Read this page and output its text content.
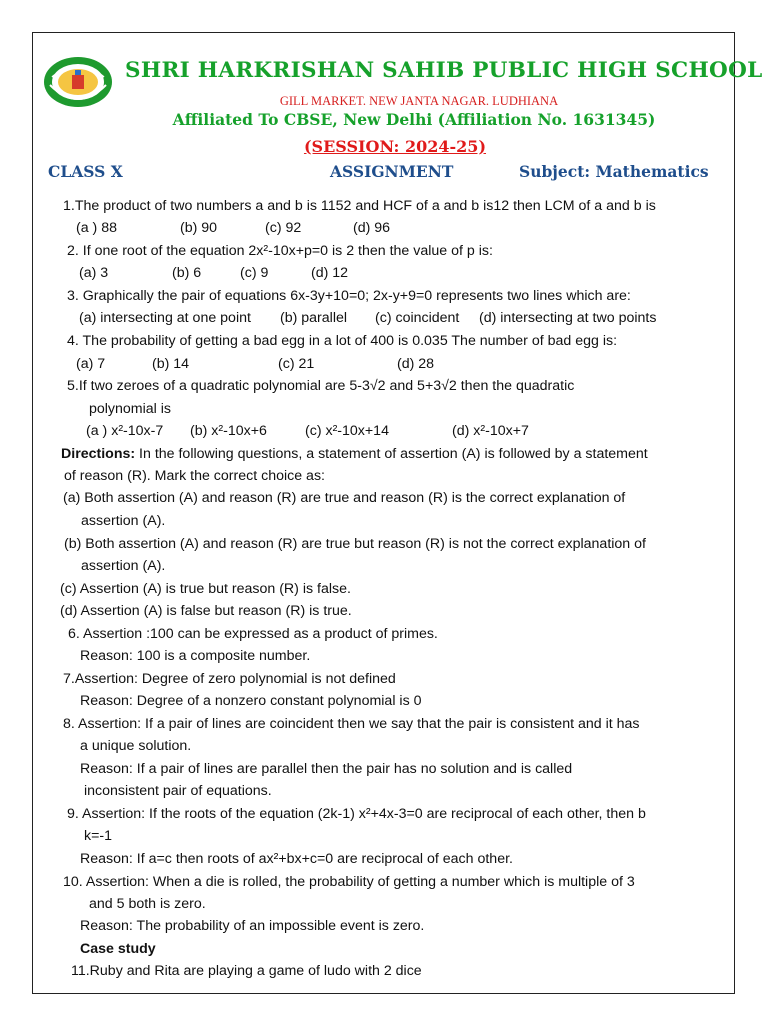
SHRI HARKRISHAN SAHIB PUBLIC HIGH SCHOOL
GILL MARKET. NEW JANTA NAGAR. LUDHIANA
Affiliated To CBSE, New Delhi (Affiliation No. 1631345)
(SESSION: 2024-25)
CLASS X	ASSIGNMENT	Subject: Mathematics
1.The product of two numbers a and b is 1152 and HCF of a and b is12 then LCM of a and b is
(a ) 88	(b) 90	(c) 92	(d) 96
2. If one root of the equation 2x²-10x+p=0 is 2 then the value of p is:
(a) 3	(b) 6	(c) 9	(d) 12
3. Graphically the pair of equations 6x-3y+10=0; 2x-y+9=0 represents two lines which are:
(a) intersecting at one point (b) parallel (c) coincident (d) intersecting at two points
4. The probability of getting a bad egg in a lot of 400 is 0.035 The number of bad egg is:
(a) 7	(b) 14	(c) 21	(d) 28
5.If two zeroes of a quadratic polynomial are 5-3√2 and 5+3√2 then the quadratic
polynomial is
(a ) x²-10x-7 (b) x²-10x+6	(c) x²-10x+14	(d) x²-10x+7
Directions: In the following questions, a statement of assertion (A) is followed by a statement
of reason (R). Mark the correct choice as:
(a) Both assertion (A) and reason (R) are true and reason (R) is the correct explanation of
assertion (A).
(b) Both assertion (A) and reason (R) are true but reason (R) is not the correct explanation of
assertion (A).
(c) Assertion (A) is true but reason (R) is false.
(d) Assertion (A) is false but reason (R) is true.
6. Assertion :100 can be expressed as a product of primes.
Reason: 100 is a composite number.
7.Assertion: Degree of zero polynomial is not defined
Reason: Degree of a nonzero constant polynomial is 0
8. Assertion: If a pair of lines are coincident then we say that the pair is consistent and it has
a unique solution.
Reason: If a pair of lines are parallel then the pair has no solution and is called
inconsistent pair of equations.
9. Assertion: If the roots of the equation (2k-1) x²+4x-3=0 are reciprocal of each other, then b
k=-1
Reason: If a=c then roots of ax²+bx+c=0 are reciprocal of each other.
10. Assertion: When a die is rolled, the probability of getting a number which is multiple of 3
and 5 both is zero.
Reason: The probability of an impossible event is zero.
Case study
11.Ruby and Rita are playing a game of ludo with 2 dice
